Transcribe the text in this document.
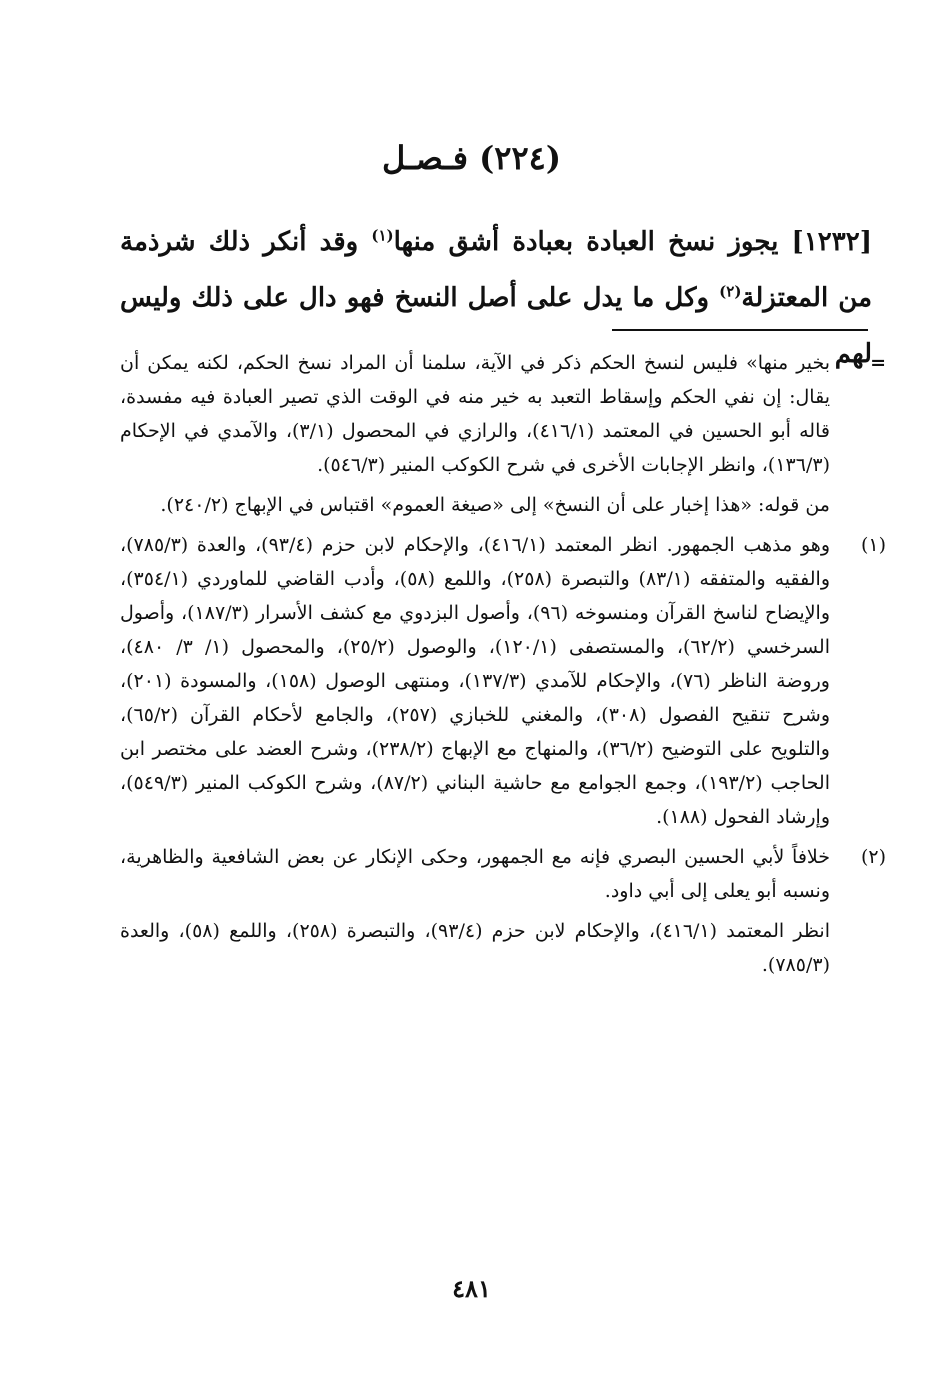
(٢٢٤) فـصـل
[١٢٣٢] يجوز نسخ العبادة بعبادة أشق منها$^{(١)}$ وقد أنكر ذلك شرذمة من المعتزلة$^{(٢)}$ وكل ما يدل على أصل النسخ فهو دال على ذلك وليس لهم
=

بخير منها» فليس لنسخ الحكم ذكر في الآية، سلمنا أن المراد نسخ الحكم، لكنه يمكن أن يقال: إن نفي الحكم وإسقاط التعبد به خير منه في الوقت الذي تصير العبادة فيه مفسدة، قاله أبو الحسين في المعتمد (٤١٦/١)، والرازي في المحصول (٣/١)، والآمدي في الإحكام (١٣٦/٣)، وانظر الإجابات الأخرى في شرح الكوكب المنير (٥٤٦/٣).

من قوله: «هذا إخبار على أن النسخ» إلى «صيغة العموم» اقتباس في الإبهاج (٢٤٠/٢).

(١)

وهو مذهب الجمهور. انظر المعتمد (٤١٦/١)، والإحكام لابن حزم (٩٣/٤)، والعدة (٧٨٥/٣)، والفقيه والمتفقه (٨٣/١) والتبصرة (٢٥٨)، واللمع (٥٨)، وأدب القاضي للماوردي (٣٥٤/١)، والإيضاح لناسخ القرآن ومنسوخه (٩٦)، وأصول البزدوي مع كشف الأسرار (١٨٧/٣)، وأصول السرخسي (٦٢/٢)، والمستصفى (١٢٠/١)، والوصول (٢٥/٢)، والمحصول (١/ ٣/ ٤٨٠)، وروضة الناظر (٧٦)، والإحكام للآمدي (١٣٧/٣)، ومنتهى الوصول (١٥٨)، والمسودة (٢٠١)، وشرح تنقيح الفصول (٣٠٨)، والمغني للخبازي (٢٥٧)، والجامع لأحكام القرآن (٦٥/٢)، والتلويح على التوضيح (٣٦/٢)، والمنهاج مع الإبهاج (٢٣٨/٢)، وشرح العضد على مختصر ابن الحاجب (١٩٣/٢)، وجمع الجوامع مع حاشية البناني (٨٧/٢)، وشرح الكوكب المنير (٥٤٩/٣)، وإرشاد الفحول (١٨٨).

(٢)

خلافاً لأبي الحسين البصري فإنه مع الجمهور، وحكى الإنكار عن بعض الشافعية والظاهرية، ونسبه أبو يعلى إلى أبي داود.

انظر المعتمد (٤١٦/١)، والإحكام لابن حزم (٩٣/٤)، والتبصرة (٢٥٨)، واللمع (٥٨)، والعدة (٧٨٥/٣).

٤٨١
